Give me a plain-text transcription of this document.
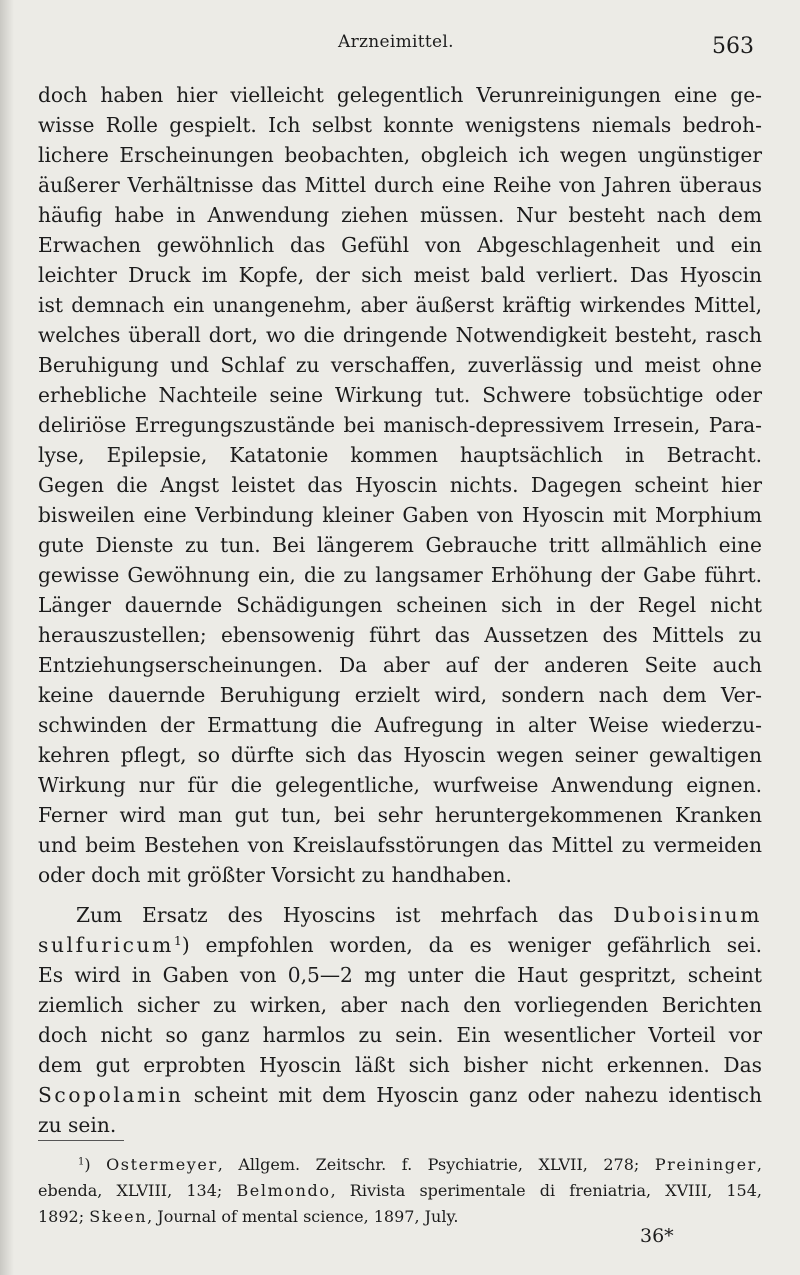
Arzneimittel.	563
doch haben hier vielleicht gelegentlich Verunreinigungen eine ge-
wisse Rolle gespielt. Ich selbst konnte wenigstens niemals bedroh-
lichere Erscheinungen beobachten, obgleich ich wegen ungünstiger
äußerer Verhältnisse das Mittel durch eine Reihe von Jahren überaus
häufig habe in Anwendung ziehen müssen. Nur besteht nach dem
Erwachen gewöhnlich das Gefühl von Abgeschlagenheit und ein
leichter Druck im Kopfe, der sich meist bald verliert. Das Hyoscin
ist demnach ein unangenehm, aber äußerst kräftig wirkendes Mittel,
welches überall dort, wo die dringende Notwendigkeit besteht, rasch
Beruhigung und Schlaf zu verschaffen, zuverlässig und meist ohne
erhebliche Nachteile seine Wirkung tut. Schwere tobsüchtige oder
deliriöse Erregungszustände bei manisch-depressivem Irresein, Para-
lyse, Epilepsie, Katatonie kommen hauptsächlich in Betracht.
Gegen die Angst leistet das Hyoscin nichts. Dagegen scheint hier
bisweilen eine Verbindung kleiner Gaben von Hyoscin mit Morphium
gute Dienste zu tun. Bei längerem Gebrauche tritt allmählich eine
gewisse Gewöhnung ein, die zu langsamer Erhöhung der Gabe führt.
Länger dauernde Schädigungen scheinen sich in der Regel nicht
herauszustellen; ebensowenig führt das Aussetzen des Mittels zu
Entziehungserscheinungen. Da aber auf der anderen Seite auch
keine dauernde Beruhigung erzielt wird, sondern nach dem Ver-
schwinden der Ermattung die Aufregung in alter Weise wiederzu-
kehren pflegt, so dürfte sich das Hyoscin wegen seiner gewaltigen
Wirkung nur für die gelegentliche, wurfweise Anwendung eignen.
Ferner wird man gut tun, bei sehr heruntergekommenen Kranken
und beim Bestehen von Kreislaufsstörungen das Mittel zu vermeiden
oder doch mit größter Vorsicht zu handhaben.
Zum Ersatz des Hyoscins ist mehrfach das Duboisinum
sulfuricum$^1$) empfohlen worden, da es weniger gefährlich sei.
Es wird in Gaben von 0,5—2 mg unter die Haut gespritzt, scheint
ziemlich sicher zu wirken, aber nach den vorliegenden Berichten
doch nicht so ganz harmlos zu sein. Ein wesentlicher Vorteil vor
dem gut erprobten Hyoscin läßt sich bisher nicht erkennen. Das
Scopolamin scheint mit dem Hyoscin ganz oder nahezu identisch
zu sein.
$^1$) Ostermeyer, Allgem. Zeitschr. f. Psychiatrie, XLVII, 278; Preininger,
ebenda, XLVIII, 134; Belmondo, Rivista sperimentale di freniatria, XVIII, 154,
1892; Skeen, Journal of mental science, 1897, July.
36*
